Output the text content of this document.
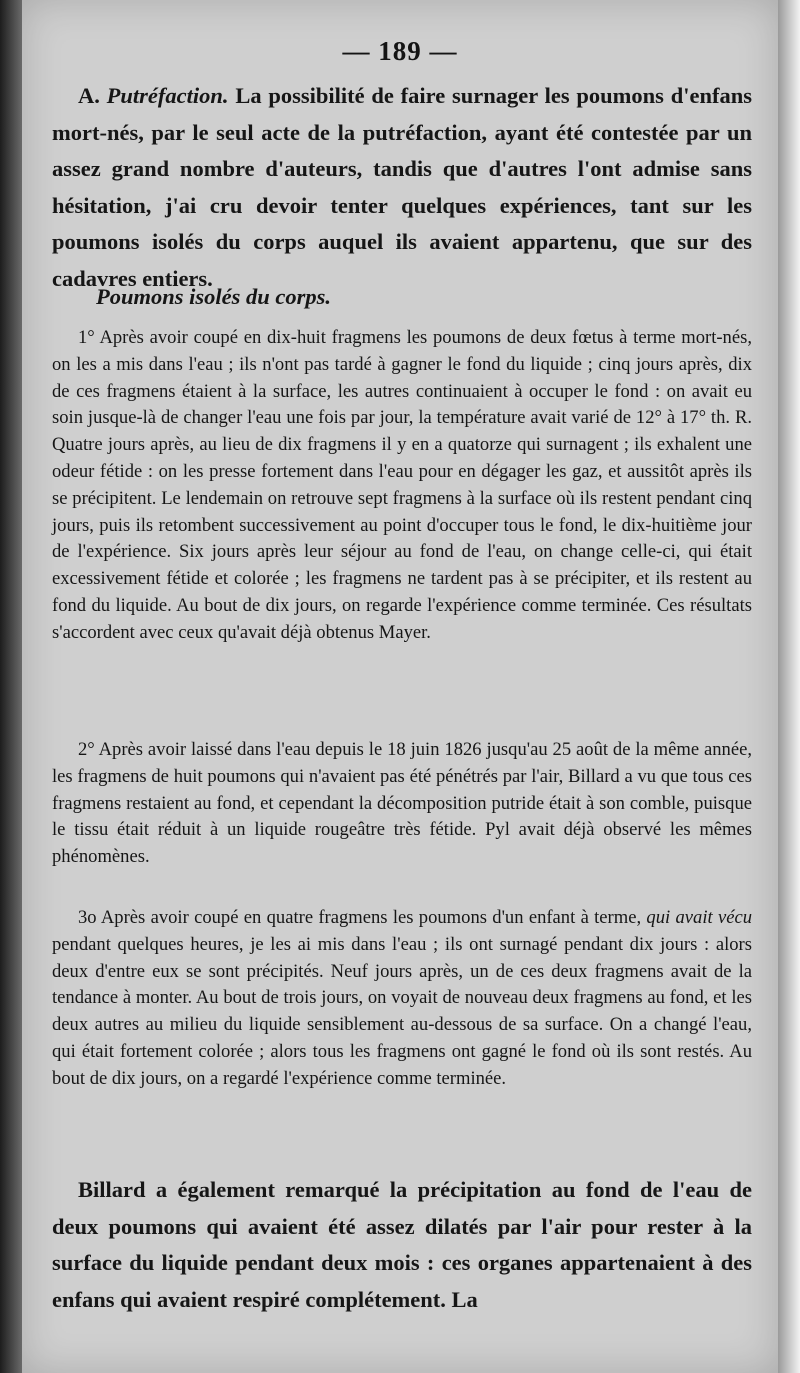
— 189 —

A. Putréfaction. La possibilité de faire surnager les poumons d'enfans mort-nés, par le seul acte de la putréfaction, ayant été contestée par un assez grand nombre d'auteurs, tandis que d'autres l'ont admise sans hésitation, j'ai cru devoir tenter quelques expériences, tant sur les poumons isolés du corps auquel ils avaient appartenu, que sur des cadavres entiers.

Poumons isolés du corps.

1° Après avoir coupé en dix-huit fragmens les poumons de deux fœtus à terme mort-nés, on les a mis dans l'eau ; ils n'ont pas tardé à gagner le fond du liquide ; cinq jours après, dix de ces fragmens étaient à la surface, les autres continuaient à occuper le fond : on avait eu soin jusque-là de changer l'eau une fois par jour, la température avait varié de 12° à 17° th. R. Quatre jours après, au lieu de dix fragmens il y en a quatorze qui surnagent ; ils exhalent une odeur fétide : on les presse fortement dans l'eau pour en dégager les gaz, et aussitôt après ils se précipitent. Le lendemain on retrouve sept fragmens à la surface où ils restent pendant cinq jours, puis ils retombent successivement au point d'occuper tous le fond, le dix-huitième jour de l'expérience. Six jours après leur séjour au fond de l'eau, on change celle-ci, qui était excessivement fétide et colorée ; les fragmens ne tardent pas à se précipiter, et ils restent au fond du liquide. Au bout de dix jours, on regarde l'expérience comme terminée. Ces résultats s'accordent avec ceux qu'avait déjà obtenus Mayer.

2° Après avoir laissé dans l'eau depuis le 18 juin 1826 jusqu'au 25 août de la même année, les fragmens de huit poumons qui n'avaient pas été pénétrés par l'air, Billard a vu que tous ces fragmens restaient au fond, et cependant la décomposition putride était à son comble, puisque le tissu était réduit à un liquide rougeâtre très fétide. Pyl avait déjà observé les mêmes phénomènes.

3o Après avoir coupé en quatre fragmens les poumons d'un enfant à terme, qui avait vécu pendant quelques heures, je les ai mis dans l'eau ; ils ont surnagé pendant dix jours : alors deux d'entre eux se sont précipités. Neuf jours après, un de ces deux fragmens avait de la tendance à monter. Au bout de trois jours, on voyait de nouveau deux fragmens au fond, et les deux autres au milieu du liquide sensiblement au-dessous de sa surface. On a changé l'eau, qui était fortement colorée ; alors tous les fragmens ont gagné le fond où ils sont restés. Au bout de dix jours, on a regardé l'expérience comme terminée.

Billard a également remarqué la précipitation au fond de l'eau de deux poumons qui avaient été assez dilatés par l'air pour rester à la surface du liquide pendant deux mois : ces organes appartenaient à des enfans qui avaient respiré complétement. La
